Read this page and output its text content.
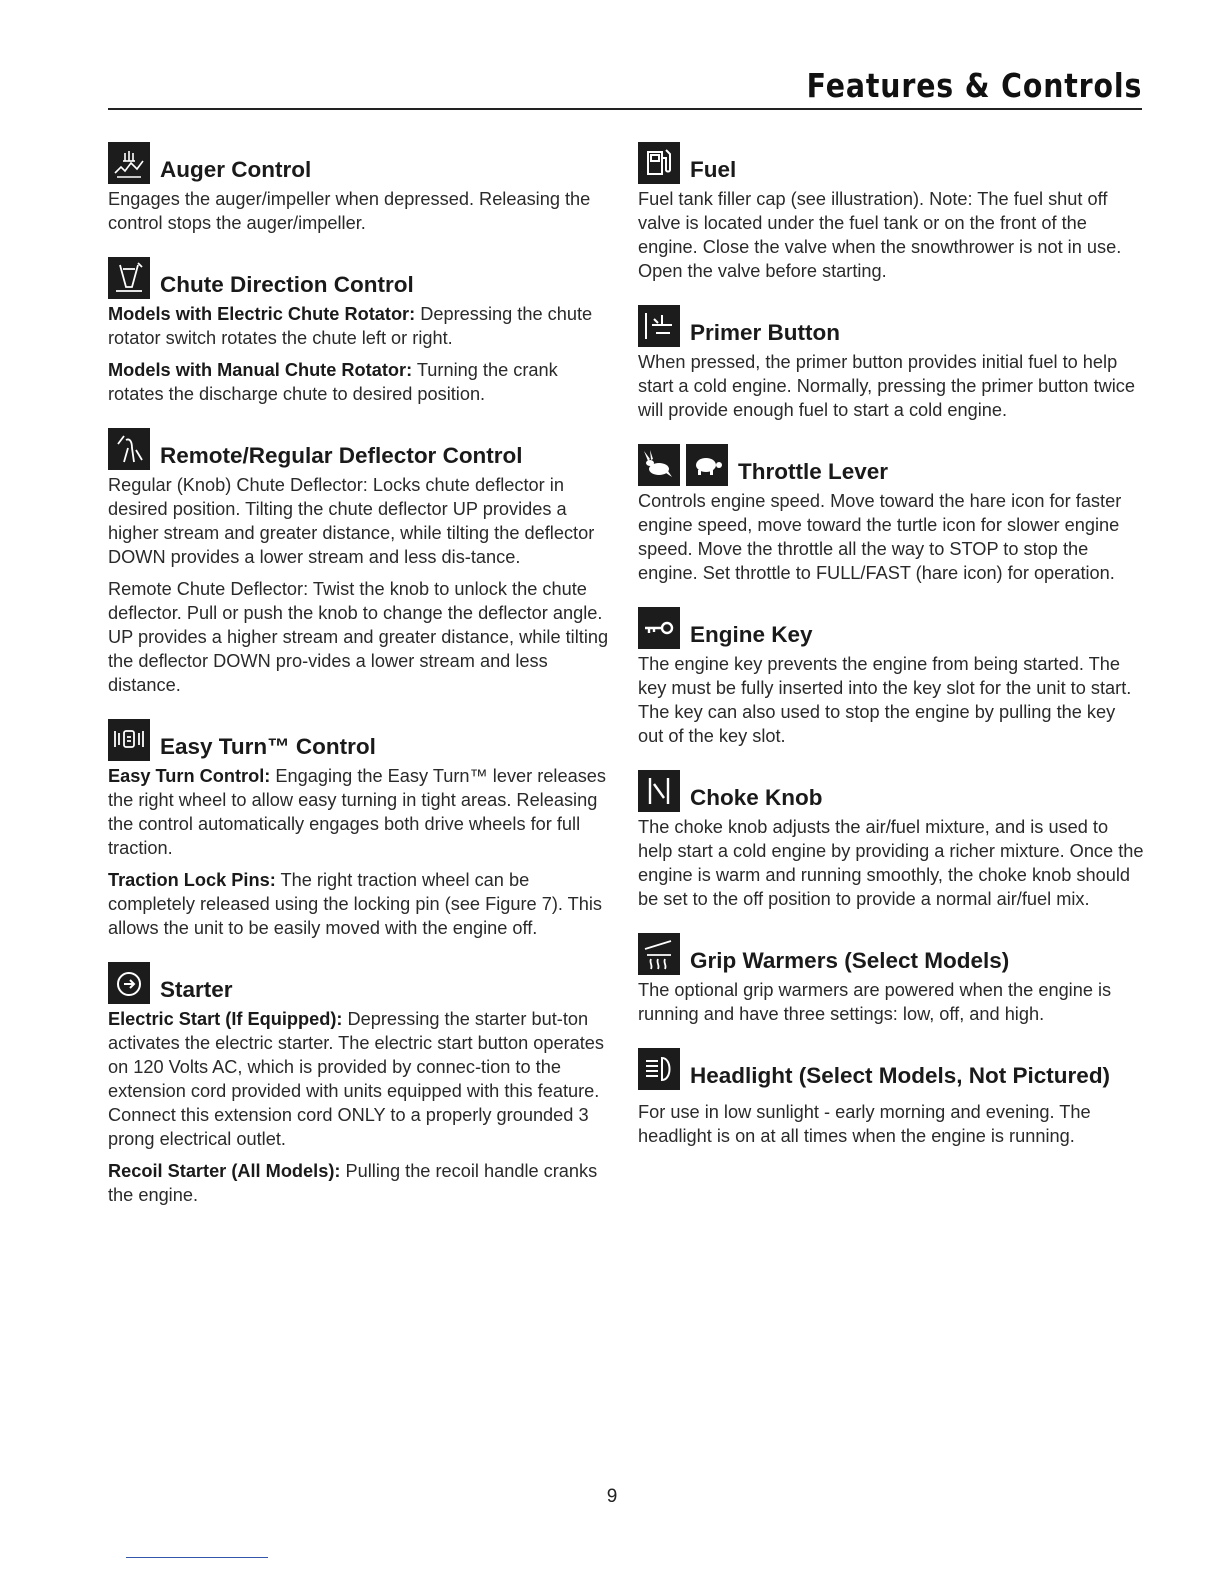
Features & Controls
Auger Control

Engages the auger/impeller when depressed. Releasing the control stops the auger/impeller.

Chute Direction Control

Models with Electric Chute Rotator: Depressing the chute rotator switch rotates the chute left or right.

Models with Manual Chute Rotator: Turning the crank rotates the discharge chute to desired position.

Remote/Regular Deflector Control

Regular (Knob) Chute Deflector: Locks chute deflector in desired position. Tilting the chute deflector UP provides a higher stream and greater distance, while tilting the deflector DOWN provides a lower stream and less dis-tance.

Remote Chute Deflector: Twist the knob to unlock the chute deflector. Pull or push the knob to change the deflector angle. UP provides a higher stream and greater distance, while tilting the deflector DOWN pro-vides a lower stream and less distance.

Easy Turn™ Control

Easy Turn Control: Engaging the Easy Turn™ lever releases the right wheel to allow easy turning in tight areas. Releasing the control automatically engages both drive wheels for full traction.

Traction Lock Pins: The right traction wheel can be completely released using the locking pin (see Figure 7). This allows the unit to be easily moved with the engine off.

Starter

Electric Start (If Equipped): Depressing the starter but-ton activates the electric starter. The electric start button operates on 120 Volts AC, which is provided by connec-tion to the extension cord provided with units equipped with this feature. Connect this extension cord ONLY to a properly grounded 3 prong electrical outlet.

Recoil Starter (All Models): Pulling the recoil handle cranks the engine.

Fuel

Fuel tank filler cap (see illustration). Note: The fuel shut off valve is located under the fuel tank or on the front of the engine. Close the valve when the snowthrower is not in use. Open the valve before starting.

Primer Button

When pressed, the primer button provides initial fuel to help start a cold engine. Normally, pressing the primer button twice will provide enough fuel to start a cold engine.

Throttle Lever

Controls engine speed. Move toward the hare icon for faster engine speed, move toward the turtle icon for slower engine speed. Move the throttle all the way to STOP to stop the engine. Set throttle to FULL/FAST (hare icon) for operation.

Engine Key

The engine key prevents the engine from being started. The key must be fully inserted into the key slot for the unit to start. The key can also used to stop the engine by pulling the key out of the key slot.

Choke Knob

The choke knob adjusts the air/fuel mixture, and is used to help start a cold engine by providing a richer mixture. Once the engine is warm and running smoothly, the choke knob should be set to the off position to provide a normal air/fuel mix.

Grip Warmers (Select Models)

The optional grip warmers are powered when the engine is running and have three settings: low, off, and high.

Headlight (Select Models, Not Pictured)

For use in low sunlight - early morning and evening. The headlight is on at all times when the engine is running.

9
